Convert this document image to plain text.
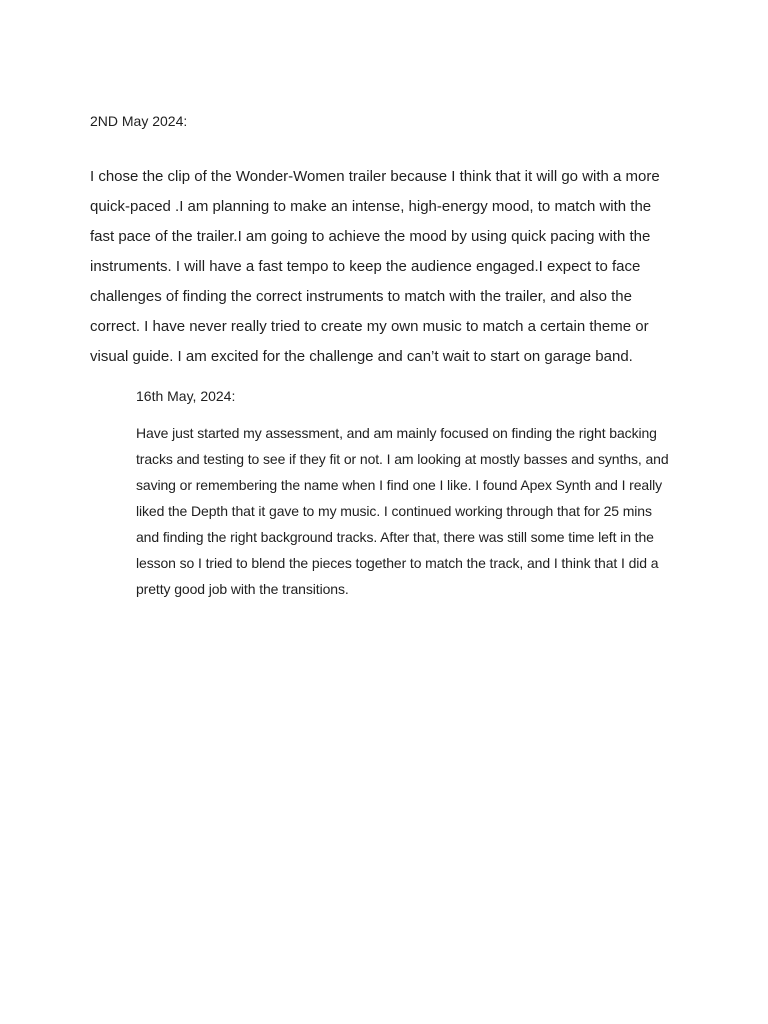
2ND May 2024:

I chose the clip of the Wonder-Women trailer because I think that it will go with a more
quick-paced .I am planning to make an intense, high-energy mood, to match with the
fast pace of the trailer.I am going to achieve the mood by using quick pacing with the
instruments. I will have a fast tempo to keep the audience engaged.I expect to face
challenges of finding the correct instruments to match with the trailer, and also the
correct. I have never really tried to create my own music to match a certain theme or
visual guide. I am excited for the challenge and can’t wait to start on garage band.

16th May, 2024:

Have just started my assessment, and am mainly focused on finding the right backing
tracks and testing to see if they fit or not. I am looking at mostly basses and synths, and
saving or remembering the name when I find one I like. I found Apex Synth and I really
liked the Depth that it gave to my music. I continued working through that for 25 mins
and finding the right background tracks. After that, there was still some time left in the
lesson so I tried to blend the pieces together to match the track, and I think that I did a
pretty good job with the transitions.
